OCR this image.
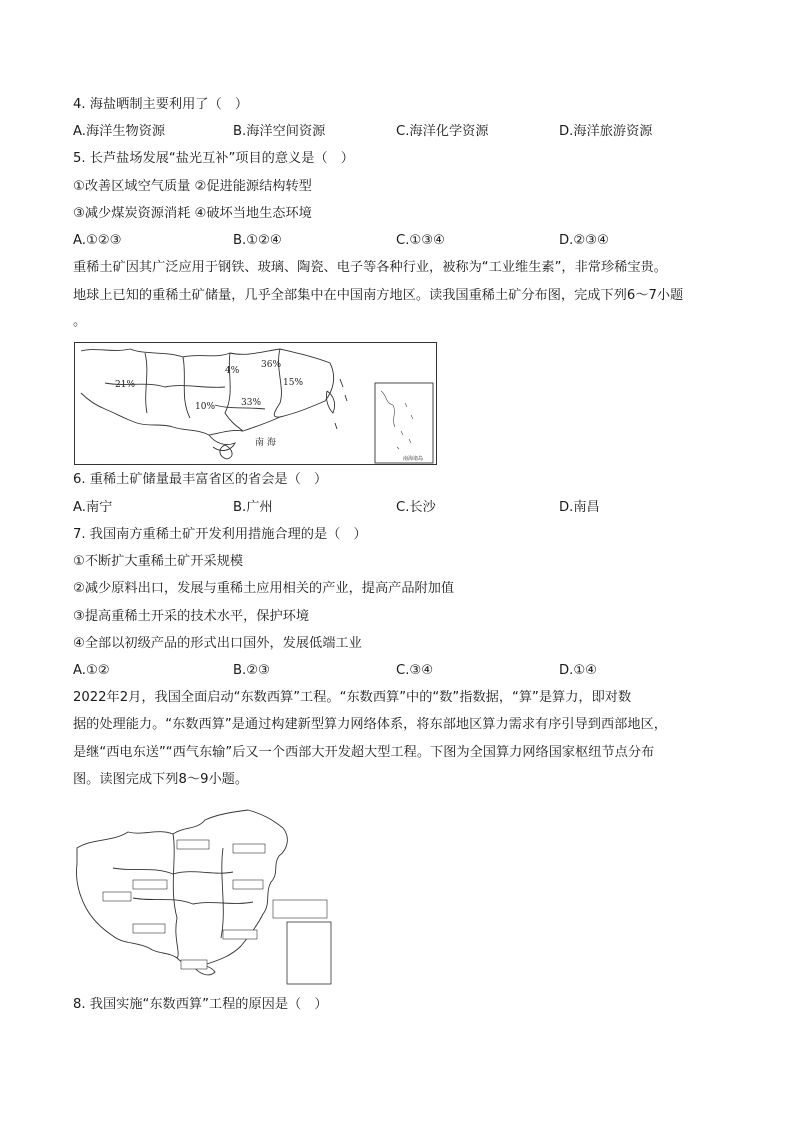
4. 海盐晒制主要利用了（　）
A.海洋生物资源	B.海洋空间资源	C.海洋化学资源	D.海洋旅游资源
5. 长芦盐场发展“盐光互补”项目的意义是（　）
①改善区域空气质量 ②促进能源结构转型
③减少煤炭资源消耗 ④破坏当地生态环境
A.①②③	B.①②④	C.①③④	D.②③④
重稀土矿因其广泛应用于钢铁、玻璃、陶瓷、电子等各种行业，被称为“工业维生素”，非常珍稀宝贵。
地球上已知的重稀土矿储量，几乎全部集中在中国南方地区。读我国重稀土矿分布图，完成下列6～7小题
。
21%
4%
36%
15%
10%	33%
南 海
南海诸岛
6. 重稀土矿储量最丰富省区的省会是（　）
A.南宁	B.广州	C.长沙	D.南昌
7. 我国南方重稀土矿开发利用措施合理的是（　）
①不断扩大重稀土矿开采规模
②减少原料出口，发展与重稀土应用相关的产业，提高产品附加值
③提高重稀土开采的技术水平，保护环境
④全部以初级产品的形式出口国外，发展低端工业
A.①②	B.②③	C.③④	D.①④
2022年2月，我国全面启动“东数西算”工程。“东数西算”中的“数”指数据，“算”是算力，即对数
据的处理能力。“东数西算”是通过构建新型算力网络体系，将东部地区算力需求有序引导到西部地区，
是继“西电东送”“西气东输”后又一个西部大开发超大型工程。下图为全国算力网络国家枢纽节点分布
图。读图完成下列8～9小题。
8. 我国实施“东数西算”工程的原因是（　）
